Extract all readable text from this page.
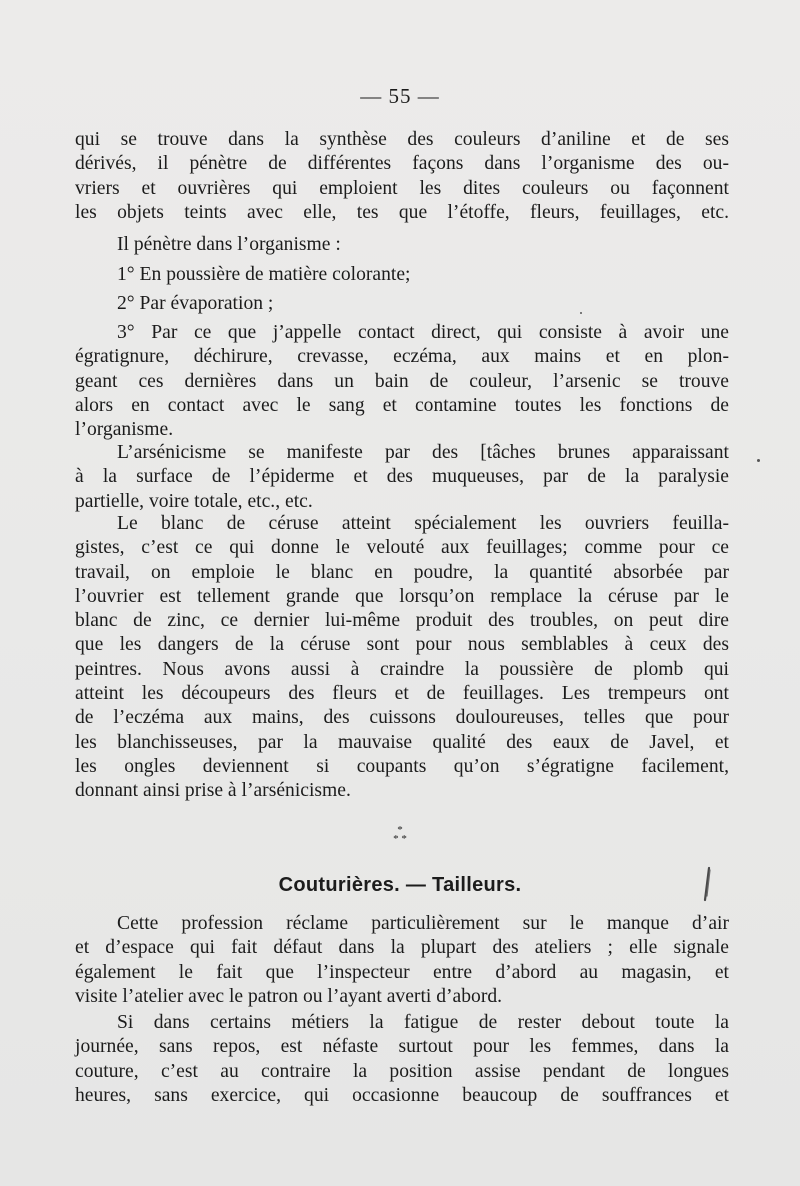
— 55 —
qui se trouve dans la synthèse des couleurs d’aniline et de ses
dérivés, il pénètre de différentes façons dans l’organisme des ou-
vriers et ouvrières qui emploient les dites couleurs ou façonnent
les objets teints avec elle, tes que l’étoffe, fleurs, feuillages, etc.
Il pénètre dans l’organisme :
1° En poussière de matière colorante;
2° Par évaporation ;
3° Par ce que j’appelle contact direct, qui consiste à avoir une
égratignure, déchirure, crevasse, eczéma, aux mains et en plon-
geant ces dernières dans un bain de couleur, l’arsenic se trouve
alors en contact avec le sang et contamine toutes les fonctions de
l’organisme.
L’arsénicisme se manifeste par des [tâches brunes apparaissant
à la surface de l’épiderme et des muqueuses, par de la paralysie
partielle, voire totale, etc., etc.
Le blanc de céruse atteint spécialement les ouvriers feuilla-
gistes, c’est ce qui donne le velouté aux feuillages; comme pour ce
travail, on emploie le blanc en poudre, la quantité absorbée par
l’ouvrier est tellement grande que lorsqu’on remplace la céruse par le
blanc de zinc, ce dernier lui-même produit des troubles, on peut dire
que les dangers de la céruse sont pour nous semblables à ceux des
peintres. Nous avons aussi à craindre la poussière de plomb qui
atteint les découpeurs des fleurs et de feuillages. Les trempeurs ont
de l’eczéma aux mains, des cuissons douloureuses, telles que pour
les blanchisseuses, par la mauvaise qualité des eaux de Javel, et
les ongles deviennent si coupants qu’on s’égratigne facilement,
donnant ainsi prise à l’arsénicisme.
*
* *
Couturières. — Tailleurs.
Cette profession réclame particulièrement sur le manque d’air
et d’espace qui fait défaut dans la plupart des ateliers ; elle signale
également le fait que l’inspecteur entre d’abord au magasin, et
visite l’atelier avec le patron ou l’ayant averti d’abord.
Si dans certains métiers la fatigue de rester debout toute la
journée, sans repos, est néfaste surtout pour les femmes, dans la
couture, c’est au contraire la position assise pendant de longues
heures, sans exercice, qui occasionne beaucoup de souffrances et
